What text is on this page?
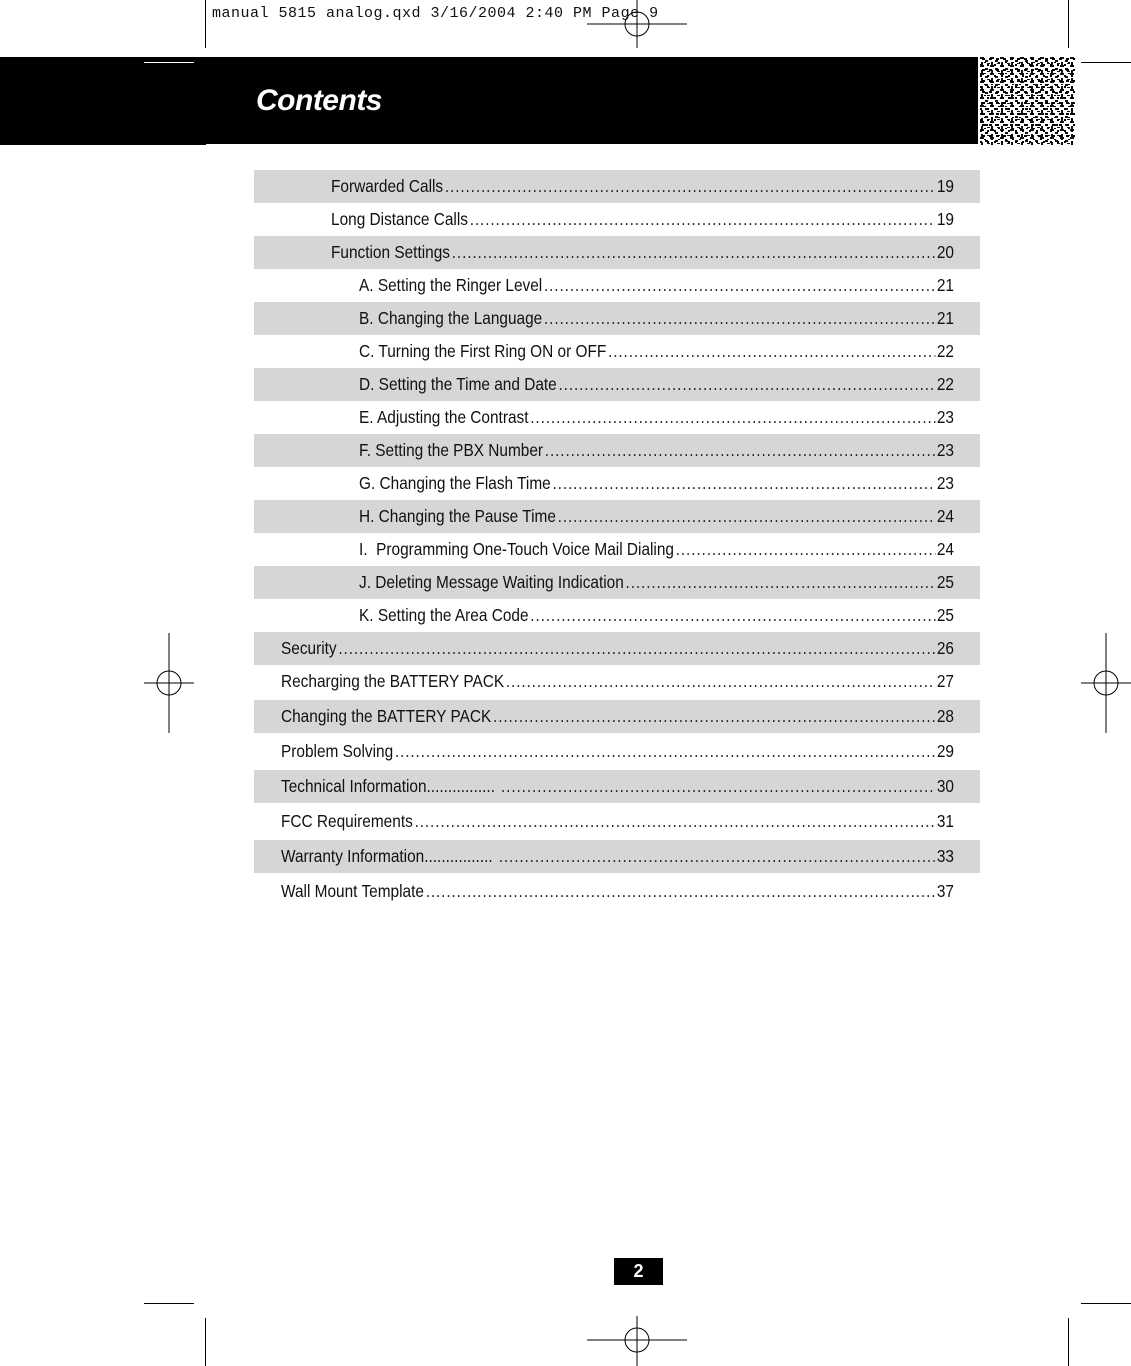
manual 5815 analog.qxd 3/16/2004 2:40 PM Page 9
Contents
Forwarded Calls .....	19
Long Distance Calls .....	19
Function Settings .....	20
A. Setting the Ringer Level .....	21
B. Changing the Language .....	21
C. Turning the First Ring ON or OFF .....	22
D. Setting the Time and Date .....	22
E. Adjusting the Contrast .....	23
F. Setting the PBX Number .....	23
G. Changing the Flash Time .....	23
H. Changing the Pause Time .....	24
I.  Programming One-Touch Voice Mail Dialing .....	24
J. Deleting Message Waiting Indication .....	25
K. Setting the Area Code .....	25
Security .....	26
Recharging the BATTERY PACK .....	27
Changing the BATTERY PACK .....	28
Problem Solving .....	29
Technical Information................ .....	30
FCC Requirements .....	31
Warranty Information................ .....	33
Wall Mount Template .....	37
2
